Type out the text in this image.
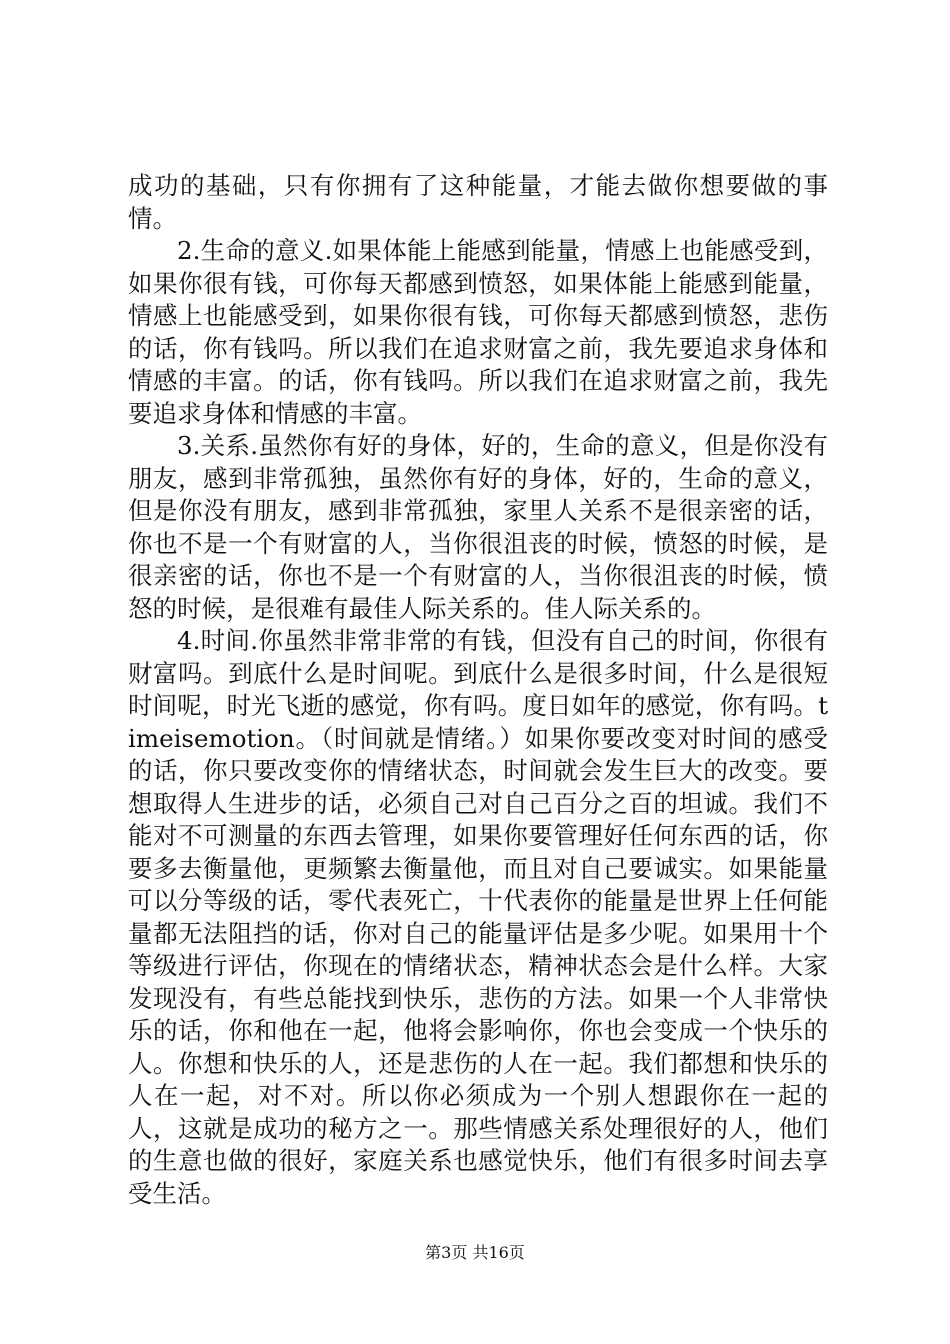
成功的基础，只有你拥有了这种能量，才能去做你想要做的事情。

2.生命的意义.如果体能上能感到能量，情感上也能感受到，如果你很有钱，可你每天都感到愤怒，如果体能上能感到能量，情感上也能感受到，如果你很有钱，可你每天都感到愤怒，悲伤的话，你有钱吗。所以我们在追求财富之前，我先要追求身体和情感的丰富。的话，你有钱吗。所以我们在追求财富之前，我先要追求身体和情感的丰富。

3.关系.虽然你有好的身体，好的，生命的意义，但是你没有朋友，感到非常孤独，虽然你有好的身体，好的，生命的意义，但是你没有朋友，感到非常孤独，家里人关系不是很亲密的话，你也不是一个有财富的人，当你很沮丧的时候，愤怒的时候，是很亲密的话，你也不是一个有财富的人，当你很沮丧的时候，愤怒的时候，是很难有最佳人际关系的。佳人际关系的。

4.时间.你虽然非常非常的有钱，但没有自己的时间，你很有财富吗。到底什么是时间呢。到底什么是很多时间，什么是很短时间呢，时光飞逝的感觉，你有吗。度日如年的感觉，你有吗。timeisemotion。（时间就是情绪。）如果你要改变对时间的感受的话，你只要改变你的情绪状态，时间就会发生巨大的改变。要想取得人生进步的话，必须自己对自己百分之百的坦诚。我们不能对不可测量的东西去管理，如果你要管理好任何东西的话，你要多去衡量他，更频繁去衡量他，而且对自己要诚实。如果能量可以分等级的话，零代表死亡，十代表你的能量是世界上任何能量都无法阻挡的话，你对自己的能量评估是多少呢。如果用十个等级进行评估，你现在的情绪状态，精神状态会是什么样。大家发现没有，有些总能找到快乐，悲伤的方法。如果一个人非常快乐的话，你和他在一起，他将会影响你，你也会变成一个快乐的人。你想和快乐的人，还是悲伤的人在一起。我们都想和快乐的人在一起，对不对。所以你必须成为一个别人想跟你在一起的人，这就是成功的秘方之一。那些情感关系处理很好的人，他们的生意也做的很好，家庭关系也感觉快乐，他们有很多时间去享受生活。

第3页 共16页
